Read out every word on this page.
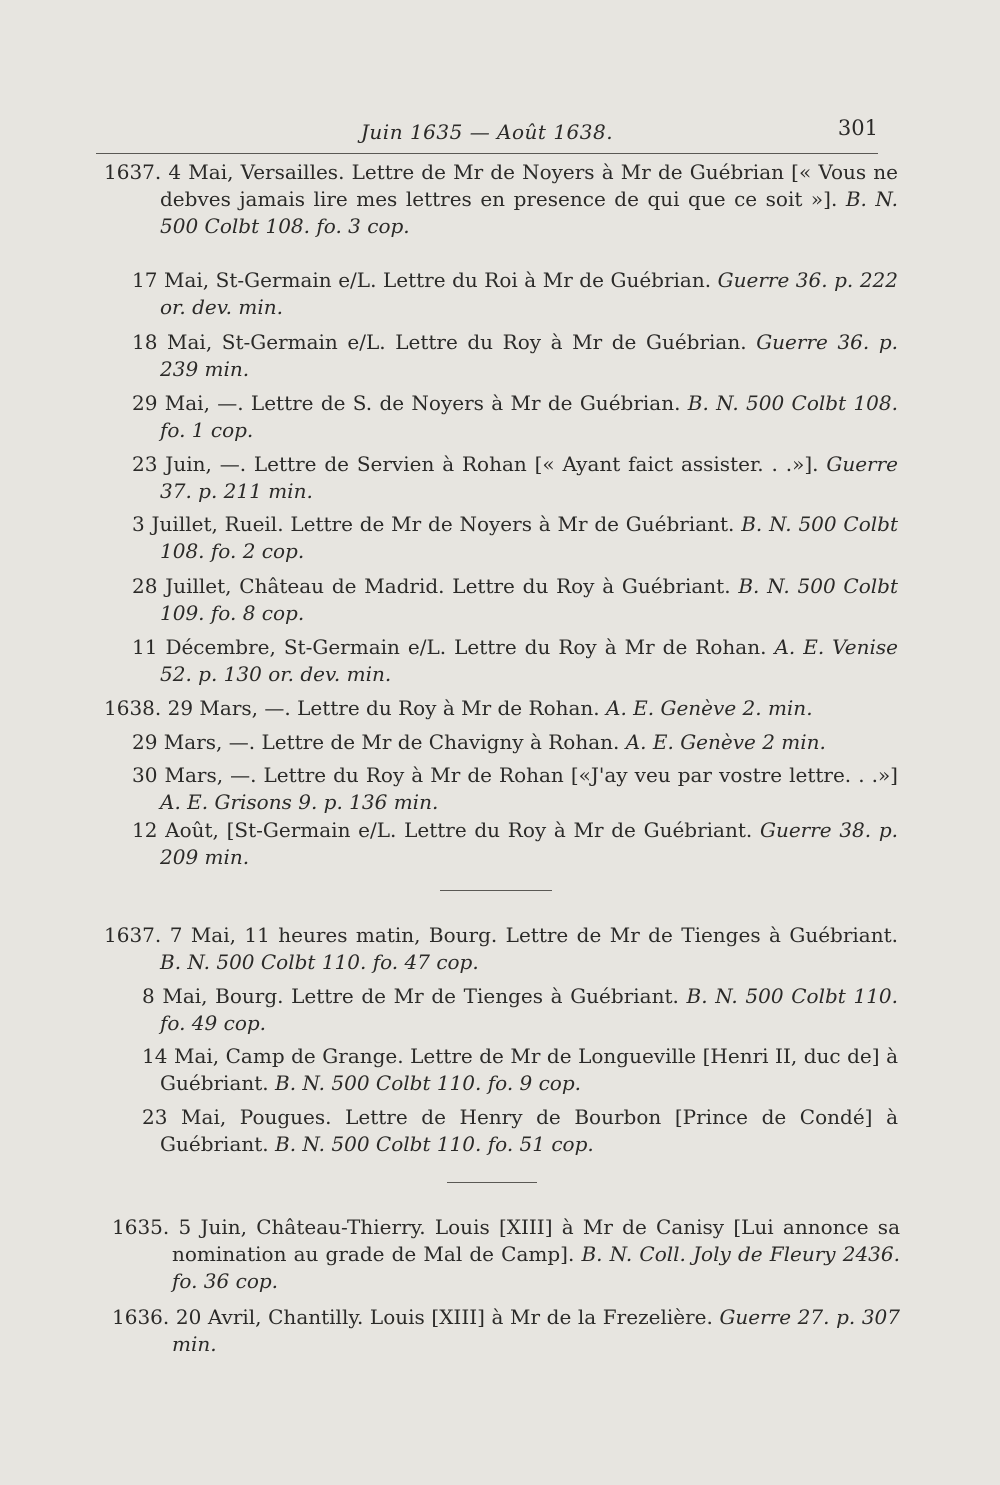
Juin 1635 — Août 1638.	301

1637. 4 Mai, Versailles. Lettre de Mr de Noyers à Mr de Guébrian [« Vous ne debves jamais lire mes lettres en presence de qui que ce soit »]. B. N. 500 Colbt 108. fo. 3 cop.

17 Mai, St-Germain e/L. Lettre du Roi à Mr de Guébrian. Guerre 36. p. 222 or. dev. min.

18 Mai, St-Germain e/L. Lettre du Roy à Mr de Guébrian. Guerre 36. p. 239 min.

29 Mai, —. Lettre de S. de Noyers à Mr de Guébrian. B. N. 500 Colbt 108. fo. 1 cop.

23 Juin, —. Lettre de Servien à Rohan [« Ayant faict assister. . .»]. Guerre 37. p. 211 min.

3 Juillet, Rueil. Lettre de Mr de Noyers à Mr de Guébriant. B. N. 500 Colbt 108. fo. 2 cop.

28 Juillet, Château de Madrid. Lettre du Roy à Guébriant. B. N. 500 Colbt 109. fo. 8 cop.

11 Décembre, St-Germain e/L. Lettre du Roy à Mr de Rohan. A. E. Venise 52. p. 130 or. dev. min.

1638. 29 Mars, —. Lettre du Roy à Mr de Rohan. A. E. Genève 2. min.

29 Mars, —. Lettre de Mr de Chavigny à Rohan. A. E. Genève 2 min.

30 Mars, —. Lettre du Roy à Mr de Rohan [«J'ay veu par vostre lettre. . .»] A. E. Grisons 9. p. 136 min.

12 Août, [St-Germain e/L. Lettre du Roy à Mr de Guébriant. Guerre 38. p. 209 min.

1637. 7 Mai, 11 heures matin, Bourg. Lettre de Mr de Tienges à Guébriant. B. N. 500 Colbt 110. fo. 47 cop.

8 Mai, Bourg. Lettre de Mr de Tienges à Guébriant. B. N. 500 Colbt 110. fo. 49 cop.

14 Mai, Camp de Grange. Lettre de Mr de Longueville [Henri II, duc de] à Guébriant. B. N. 500 Colbt 110. fo. 9 cop.

23 Mai, Pougues. Lettre de Henry de Bourbon [Prince de Condé] à Guébriant. B. N. 500 Colbt 110. fo. 51 cop.

1635. 5 Juin, Château-Thierry. Louis [XIII] à Mr de Canisy [Lui annonce sa nomination au grade de Mal de Camp]. B. N. Coll. Joly de Fleury 2436. fo. 36 cop.

1636. 20 Avril, Chantilly. Louis [XIII] à Mr de la Frezelière. Guerre 27. p. 307 min.
